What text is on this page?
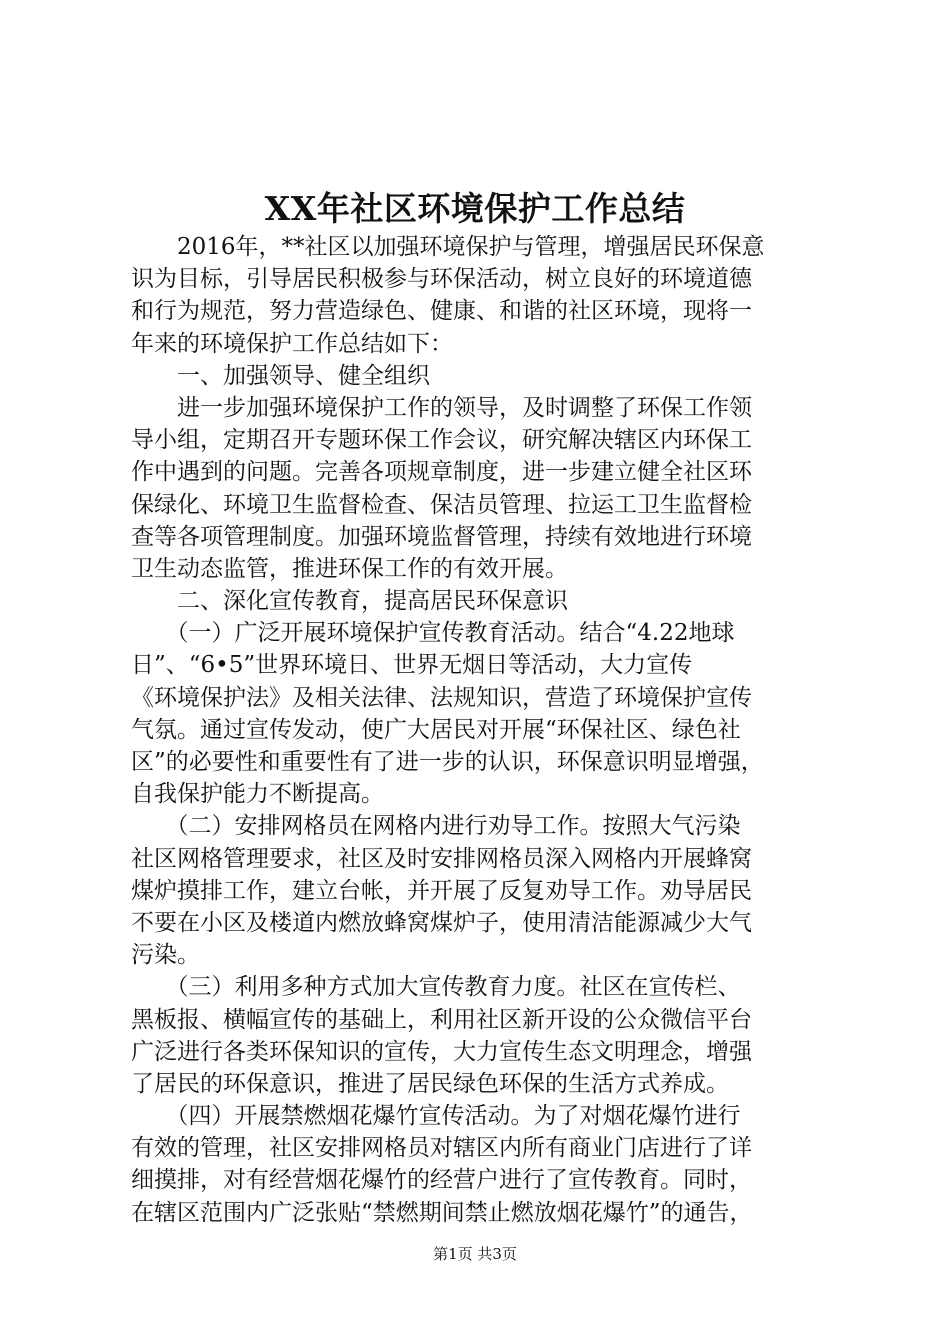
XX年社区环境保护工作总结
　　2016年，**社区以加强环境保护与管理，增强居民环保意
识为目标，引导居民积极参与环保活动，树立良好的环境道德
和行为规范，努力营造绿色、健康、和谐的社区环境，现将一
年来的环境保护工作总结如下：
　　一、加强领导、健全组织
　　进一步加强环境保护工作的领导，及时调整了环保工作领
导小组，定期召开专题环保工作会议，研究解决辖区内环保工
作中遇到的问题。完善各项规章制度，进一步建立健全社区环
保绿化、环境卫生监督检查、保洁员管理、拉运工卫生监督检
查等各项管理制度。加强环境监督管理，持续有效地进行环境
卫生动态监管，推进环保工作的有效开展。
　　二、深化宣传教育，提高居民环保意识
　　（一）广泛开展环境保护宣传教育活动。结合“4.22地球
日”、“6•5”世界环境日、世界无烟日等活动，大力宣传
《环境保护法》及相关法律、法规知识，营造了环境保护宣传
气氛。通过宣传发动，使广大居民对开展“环保社区、绿色社
区”的必要性和重要性有了进一步的认识，环保意识明显增强，
自我保护能力不断提高。
　　（二）安排网格员在网格内进行劝导工作。按照大气污染
社区网格管理要求，社区及时安排网格员深入网格内开展蜂窝
煤炉摸排工作，建立台帐，并开展了反复劝导工作。劝导居民
不要在小区及楼道内燃放蜂窝煤炉子，使用清洁能源减少大气
污染。
　　（三）利用多种方式加大宣传教育力度。社区在宣传栏、
黑板报、横幅宣传的基础上，利用社区新开设的公众微信平台
广泛进行各类环保知识的宣传，大力宣传生态文明理念，增强
了居民的环保意识，推进了居民绿色环保的生活方式养成。
　　（四）开展禁燃烟花爆竹宣传活动。为了对烟花爆竹进行
有效的管理，社区安排网格员对辖区内所有商业门店进行了详
细摸排，对有经营烟花爆竹的经营户进行了宣传教育。同时，
在辖区范围内广泛张贴“禁燃期间禁止燃放烟花爆竹”的通告，
第1页 共3页
